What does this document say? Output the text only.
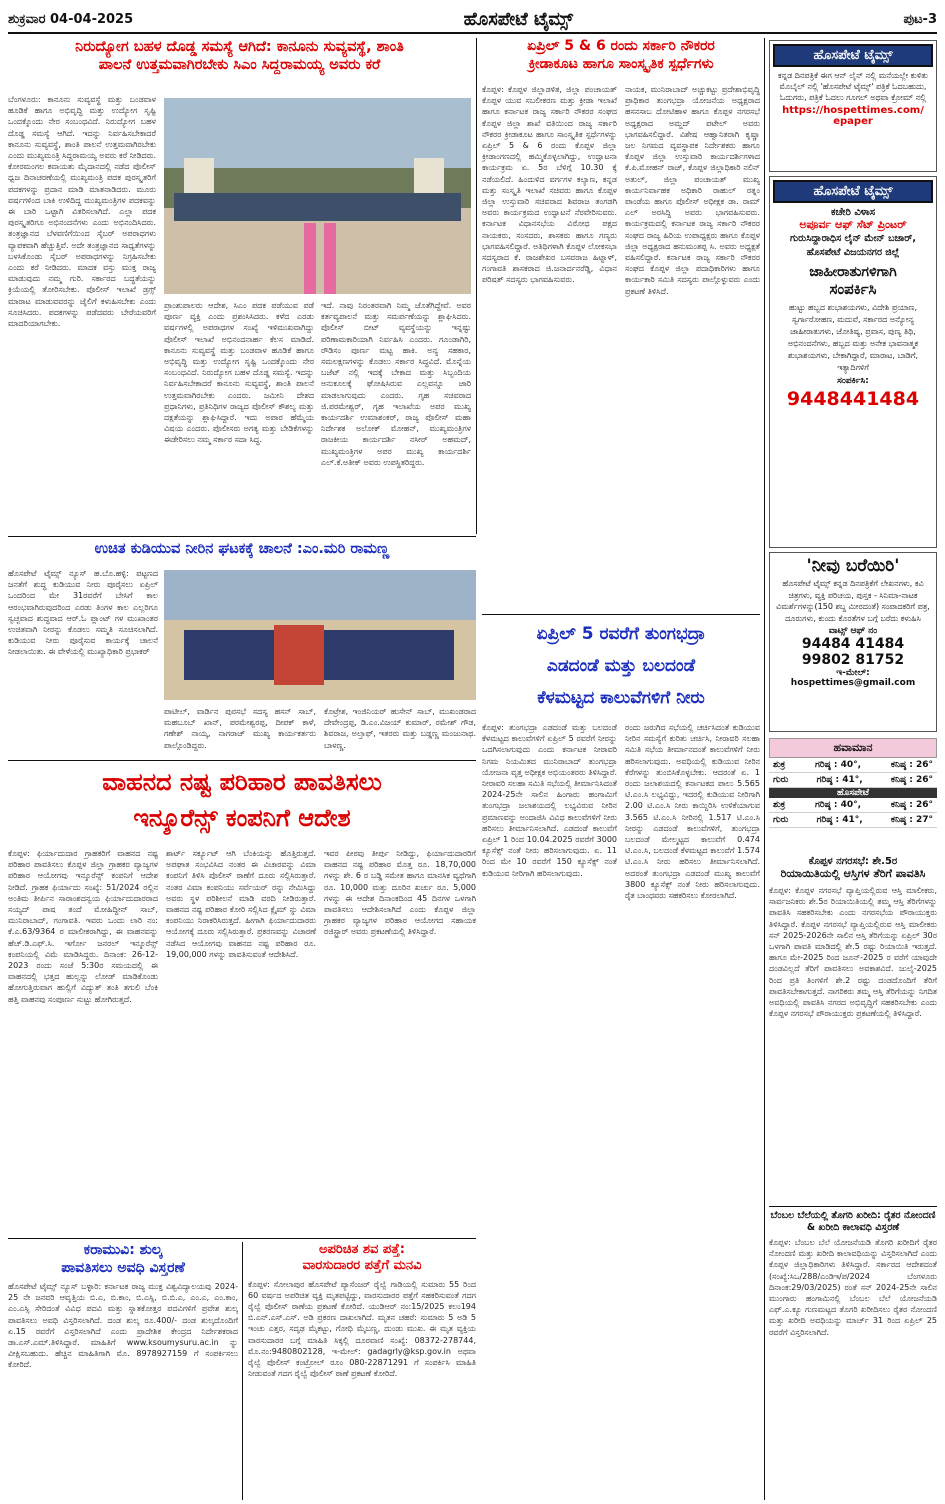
ಶುಕ್ರವಾರ 04-04-2025	ಹೊಸಪೇಟೆ ಟೈಮ್ಸ್	ಪುಟ-3
ನಿರುದ್ಯೋಗ ಬಹಳ ದೊಡ್ಡ ಸಮಸ್ಯೆ ಆಗಿದೆ: ಕಾನೂನು ಸುವ್ಯವಸ್ಥೆ, ಶಾಂತಿ
ಪಾಲನೆ ಉತ್ತಮವಾಗಿರಬೇಕು ಸಿಎಂ ಸಿದ್ದರಾಮಯ್ಯ ಅವರು ಕರೆ
ಬೆಂಗಳೂರು: ಕಾನೂನು ಸುವ್ಯವಸ್ಥೆ ಮತ್ತು ಬಂಡವಾಳ ಹೂಡಿಕೆ ಹಾಗೂ ಅಭಿವೃದ್ಧಿ ಮತ್ತು ಉದ್ಯೋಗ ಸೃಷ್ಟಿ ಒಂದಕ್ಕೊಂದು ನೇರ ಸಂಬಂಧವಿದೆ. ನಿರುದ್ಯೋಗ ಬಹಳ ದೊಡ್ಡ ಸಮಸ್ಯೆ ಆಗಿದೆ. ಇದನ್ನು ನಿರ್ವಹಿಸಬೇಕಾದರೆ ಕಾನೂನು ಸುವ್ಯವಸ್ಥೆ, ಶಾಂತಿ ಪಾಲನೆ ಉತ್ತಮವಾಗಿರಬೇಕು ಎಂದು ಮುಖ್ಯಮಂತ್ರಿ ಸಿದ್ದರಾಮಯ್ಯ ಅವರು ಕರೆ ನೀಡಿದರು. ಕೋರಮಂಗಲ ಕವಾಯತು ಮೈದಾನದಲ್ಲಿ ನಡೆದ ಪೊಲೀಸ್ ಧ್ವಜ ದಿನಾಚರಣೆಯಲ್ಲಿ ಮುಖ್ಯಮಂತ್ರಿ ಪದಕ ಪುರಸ್ಕೃತರಿಗೆ ಪದಕಗಳನ್ನು ಪ್ರದಾನ ಮಾಡಿ ಮಾತನಾಡಿದರು. ಮೂರು ವರ್ಷಗಳಿಂದ ಬಾಕಿ ಉಳಿದಿದ್ದ ಮುಖ್ಯಮಂತ್ರಿಗಳ ಪದಕವನ್ನು ಈ ಬಾರಿ ಒಟ್ಟಾಗಿ ವಿತರಿಸಲಾಗಿದೆ. ಎಲ್ಲಾ ಪದಕ ಪುರಸ್ಕೃತರಿಗೂ ಅಭಿನಂದನೆಗಳು ಎಂದು ಅಭಿನಂದಿಸಿದರು. ತಂತ್ರಜ್ಞಾನದ ಬೆಳವಣಿಗೆಯಿಂದ ಸೈಬರ್ ಅಪರಾಧಗಳು ವ್ಯಾಪಕವಾಗಿ ಹೆಚ್ಚುತ್ತಿವೆ. ಅದೇ ತಂತ್ರಜ್ಞಾನದ ಸಾಧ್ಯತೆಗಳನ್ನು ಬಳಸಿಕೊಂಡು ಸೈಬರ್ ಅಪರಾಧಗಳನ್ನು ನಿಗ್ರಹಿಸಬೇಕು ಎಂದು ಕರೆ ನೀಡಿದರು. ಮಾದಕ ವಸ್ತು ಮುಕ್ತ ರಾಜ್ಯ ಮಾಡುವುದು ನಮ್ಮ ಗುರಿ. ಸರ್ಕಾರದ ಬದ್ಧತೆಯನ್ನು ಕ್ರಿಯೆಯಲ್ಲಿ ತೋರಿಸಬೇಕು. ಪೊಲೀಸ್ ಇಲಾಖೆ ಡ್ರಗ್ಸ್ ಮಾರಾಟ ಮಾಡುವವರನ್ನು ಜೈಲಿಗೆ ಕಳುಹಿಸಬೇಕು ಎಂದು ಸೂಚಿಸಿದರು. ಪದಕಗಳನ್ನು ಪಡೆದವರು ಬೇರೆಯವರಿಗೆ ಮಾದರಿಯಾಗಬೇಕು.
ಪ್ರಾಂಶುಪಾಲರು ಆದೇಶ, ಸಿಎಂ ಪದಕ ಪಡೆಯುವ ಪಡೆ ಪೂರ್ಣ ವ್ಯಕ್ತಿ ಎಂದು ಪ್ರಶಂಸಿಸಿದರು. ಕಳೆದ ಎರಡು ವರ್ಷಗಳಲ್ಲಿ ಅಪರಾಧಗಳ ಸಂಖ್ಯೆ ಇಳಿಮುಖವಾಗಿದ್ದು ಪೊಲೀಸ್ ಇಲಾಖೆ ಅಭಿನಂದನಾರ್ಹ ಕೆಲಸ ಮಾಡಿದೆ. ಕಾನೂನು ಸುವ್ಯವಸ್ಥೆ ಮತ್ತು ಬಂಡವಾಳ ಹೂಡಿಕೆ ಹಾಗೂ ಅಭಿವೃದ್ಧಿ ಮತ್ತು ಉದ್ಯೋಗ ಸೃಷ್ಟಿ ಒಂದಕ್ಕೊಂದು ನೇರ ಸಂಬಂಧವಿದೆ. ನಿರುದ್ಯೋಗ ಬಹಳ ದೊಡ್ಡ ಸಮಸ್ಯೆ. ಇದನ್ನು ನಿರ್ವಹಿಸಬೇಕಾದರೆ ಕಾನೂನು ಸುವ್ಯವಸ್ಥೆ, ಶಾಂತಿ ಪಾಲನೆ ಉತ್ತಮವಾಗಿರಬೇಕು ಎಂದರು. ಜಮೀನಿ ದೇಶದ ಪ್ರಧಾನಿಗಳು, ಪ್ರತಿನಿಧಿಗಳ ರಾಜ್ಯದ ಪೊಲೀಸ್ ಕೌಶಲ್ಯ ಮತ್ತು ದಕ್ಷತೆಯನ್ನು ಶ್ಲಾಘಿಸಿದ್ದಾರೆ. ಇದು ಅಪಾರ ಹೆಮ್ಮೆಯ ವಿಷಯ ಎಂದರು. ಪೊಲೀಸರು ಅಗತ್ಯ ಮತ್ತು ಬೇಡಿಕೆಗಳನ್ನು ಈಡೇರಿಸಲು ನಮ್ಮ ಸರ್ಕಾರ ಸದಾ ಸಿದ್ಧ.
ಇದೆ. ನಾವು ನಿರಂತರವಾಗಿ ನಿಮ್ಮ ಜೊತೆಗಿದ್ದೇವೆ. ಅವರ ಕರ್ತವ್ಯಪಾಲನೆ ಮತ್ತು ಸಮರ್ಪಣೆಯನ್ನು ಶ್ಲಾಘಿಸಿದರು. ಪೊಲೀಸ್ ಬೀಟ್ ವ್ಯವಸ್ಥೆಯನ್ನು ಇನ್ನಷ್ಟು ಪರಿಣಾಮಕಾರಿಯಾಗಿ ನಿರ್ವಹಿಸಿ ಎಂದರು. ಗೂಂಡಾಗಿರಿ, ರೌಡಿಸಂ ಪೂರ್ಣ ಮಟ್ಟ ಹಾಕಿ. ಅನ್ಯ ಸಹಕಾರ, ಸಮಲಕ್ಷಣಗಳನ್ನು ಕೊಡಲು ಸರ್ಕಾರ ಸಿದ್ಧವಿದೆ. ಮೊನ್ನೆಯ ಬಜೆಟ್ ನಲ್ಲಿ ಇದಕ್ಕೆ ಬೇಕಾದ ಮತ್ತು ಸಿಬ್ಬಂದಿಯ ಅನುಕೂಲಕ್ಕೆ ಘೋಷಿಸಿರುವ ಎಲ್ಲವನ್ನೂ ಜಾರಿ ಮಾಡಲಾಗುವುದು ಎಂದರು. ಗೃಹ ಸಚಿವರಾದ ಜಿ.ಪರಮೇಶ್ವರ್, ಗೃಹ ಇಲಾಖೆಯ ಅಪರ ಮುಖ್ಯ ಕಾರ್ಯದರ್ಶಿ ಉಮಾಶಂಕರ್, ರಾಜ್ಯ ಪೊಲೀಸ್ ಮಹಾ ನಿರ್ದೇಶಕ ಅಲೋಕ್ ಮೋಹನ್, ಮುಖ್ಯಮಂತ್ರಿಗಳ ರಾಜಕೀಯ ಕಾರ್ಯದರ್ಶಿ ನಸೀರ್ ಅಹಮದ್, ಮುಖ್ಯಮಂತ್ರಿಗಳ ಅಪರ ಮುಖ್ಯ ಕಾರ್ಯದರ್ಶಿ ಎಲ್.ಕೆ.ಅತೀಕ್ ಅವರು ಉಪಸ್ಥಿತರಿದ್ದರು.
ಏಪ್ರಿಲ್ 5 & 6 ರಂದು ಸರ್ಕಾರಿ ನೌಕರರ
ಕ್ರೀಡಾಕೂಟ ಹಾಗೂ ಸಾಂಸ್ಕೃತಿಕ ಸ್ಪರ್ಧೆಗಳು
ಕೊಪ್ಪಳ: ಕೊಪ್ಪಳ ಜಿಲ್ಲಾಡಳಿತ, ಜಿಲ್ಲಾ ಪಂಚಾಯತ್ ಕೊಪ್ಪಳ ಯುವ ಸಬಲೀಕರಣ ಮತ್ತು ಕ್ರೀಡಾ ಇಲಾಖೆ ಹಾಗೂ ಕರ್ನಾಟಕ ರಾಜ್ಯ ಸರ್ಕಾರಿ ನೌಕರರ ಸಂಘದ ಕೊಪ್ಪಳ ಜಿಲ್ಲಾ ಶಾಖೆ ವತಿಯಿಂದ ರಾಜ್ಯ ಸರ್ಕಾರಿ ನೌಕರರ ಕ್ರೀಡಾಕೂಟ ಹಾಗೂ ಸಾಂಸ್ಕೃತಿಕ ಸ್ಪರ್ಧೆಗಳನ್ನು ಏಪ್ರಿಲ್ 5 & 6 ರಂದು ಕೊಪ್ಪಳ ಜಿಲ್ಲಾ ಕ್ರೀಡಾಂಗಣದಲ್ಲಿ ಹಮ್ಮಿಕೊಳ್ಳಲಾಗಿದ್ದು, ಉದ್ಘಾಟನಾ ಕಾರ್ಯಕ್ರಮ ಏ. 5ರ ಬೆಳಿಗ್ಗೆ 10.30 ಕ್ಕೆ ನಡೆಯಲಿದೆ. ಹಿಂದುಳಿದ ವರ್ಗಗಳ ಕಲ್ಯಾಣ, ಕನ್ನಡ ಮತ್ತು ಸಂಸ್ಕೃತಿ ಇಲಾಖೆ ಸಚಿವರು ಹಾಗೂ ಕೊಪ್ಪಳ ಜಿಲ್ಲಾ ಉಸ್ತುವಾರಿ ಸಚಿವರಾದ ಶಿವರಾಜ ತಂಗಡಗಿ ಅವರು ಕಾರ್ಯಕ್ರಮದ ಉದ್ಘಾಟನೆ ನೆರವೇರಿಸುವರು. ಕರ್ನಾಟಕ ವಿಧಾನಸಭೆಯ ವಿರೋಧ ಪಕ್ಷದ ನಾಯಕರು, ಸಂಸದರು, ಶಾಸಕರು ಹಾಗೂ ಗಣ್ಯರು ಭಾಗವಹಿಸಲಿದ್ದಾರೆ. ಅತಿಥಿಗಳಾಗಿ ಕೊಪ್ಪಳ ಲೋಕಸಭಾ ಸದಸ್ಯರಾದ ಕೆ. ರಾಜಶೇಖರ ಬಸವರಾಜ ಹಿಟ್ನಾಳ್, ಗಂಗಾವತಿ ಶಾಸಕರಾದ ಜಿ.ಜನಾರ್ದನರೆಡ್ಡಿ, ವಿಧಾನ ಪರಿಷತ್ ಸದಸ್ಯರು ಭಾಗವಹಿಸುವರು.
ನಾಯಕ, ಮುನಿರಾಬಾದ್ ಅಚ್ಚುಕಟ್ಟು ಪ್ರದೇಶಾಭಿವೃದ್ಧಿ ಪ್ರಾಧಿಕಾರ ತುಂಗಭದ್ರಾ ಯೋಜನೆಯ ಅಧ್ಯಕ್ಷರಾದ ಹಸನಸಾಬ ದೋಟಿಹಾಳ ಹಾಗೂ ಕೊಪ್ಪಳ ನಗರಸಭೆ ಅಧ್ಯಕ್ಷರಾದ ಅಮ್ಜದ್ ಪಟೇಲ್ ಅವರು ಭಾಗವಹಿಸಲಿದ್ದಾರೆ. ವಿಶೇಷ ಆಹ್ವಾನಿತರಾಗಿ ಕೃಷ್ಣಾ ಜಲ ನಿಗಮದ ವ್ಯವಸ್ಥಾಪಕ ನಿರ್ದೇಶಕರು ಹಾಗೂ ಕೊಪ್ಪಳ ಜಿಲ್ಲಾ ಉಸ್ತುವಾರಿ ಕಾರ್ಯದರ್ಶಿಗಳಾದ ಕೆ.ಪಿ.ಮೋಹನ್ ರಾಜ್, ಕೊಪ್ಪಳ ಜಿಲ್ಲಾಧಿಕಾರಿ ನಲಿನ್ ಅತುಲ್, ಜಿಲ್ಲಾ ಪಂಚಾಯತ್ ಮುಖ್ಯ ಕಾರ್ಯನಿರ್ವಾಹಕ ಅಧಿಕಾರಿ ರಾಹುಲ್ ರತ್ನಂ ಪಾಂಡೆಯ ಹಾಗೂ ಪೊಲೀಸ್ ಅಧೀಕ್ಷಕ ಡಾ. ರಾಮ್ ಎಲ್ ಅರಸಿದ್ದಿ ಅವರು ಭಾಗವಹಿಸುವರು. ಕಾರ್ಯಕ್ರಮದಲ್ಲಿ ಕರ್ನಾಟಕ ರಾಜ್ಯ ಸರ್ಕಾರಿ ನೌಕರರ ಸಂಘದ ರಾಜ್ಯ ಹಿರಿಯ ಉಪಾಧ್ಯಕ್ಷರು ಹಾಗೂ ಕೊಪ್ಪಳ ಜಿಲ್ಲಾ ಅಧ್ಯಕ್ಷರಾದ ಹನುಮಂತಪ್ಪ ಸಿ. ಅವರು ಅಧ್ಯಕ್ಷತೆ ವಹಿಸಲಿದ್ದಾರೆ. ಕರ್ನಾಟಕ ರಾಜ್ಯ ಸರ್ಕಾರಿ ನೌಕರರ ಸಂಘದ ಕೊಪ್ಪಳ ಜಿಲ್ಲಾ ಪದಾಧಿಕಾರಿಗಳು ಹಾಗೂ ಕಾರ್ಯಕಾರಿ ಸಮಿತಿ ಸದಸ್ಯರು ಪಾಲ್ಗೊಳ್ಳುವರು ಎಂದು ಪ್ರಕಟಣೆ ತಿಳಿಸಿದೆ.
ಹೊಸಪೇಟೆ ಟೈಮ್ಸ್
ಕನ್ನಡ ದಿನಪತ್ರಿಕೆ ಈಗ ಆನ್ ಲೈನ್ ನಲ್ಲಿ ಮನೆಯಲ್ಲೇ ಕುಳಿತು ಮೊಬೈಲ್ ನಲ್ಲಿ 'ಹೊಸಪೇಟೆ ಟೈಮ್ಸ್' ಪತ್ರಿಕೆ ಓದಬಹುದು, ಓದುಗರು, ಪತ್ರಿಕೆ ಓದಲು ಗೂಗಲ್ ಅಥವಾ ಕ್ರೋಮ್ ನಲ್ಲಿ
https://hospettimes.com/
epaper
ಹೊಸಪೇಟೆ ಟೈಮ್ಸ್
ಕಚೇರಿ ವಿಳಾಸ
ಅಪೂರ್ವ ಆಫ್ ಸೆಟ್ ಪ್ರಿಂಟರ್
ಗುರುಸಿದ್ದಾರಾಧಿಸ ಲೈನ್ ಮೇನ್ ಬಜಾರ್, ಹೊಸಪೇಟೆ ವಿಜಯನಗರ ಜಿಲ್ಲೆ
ಜಾಹೀರಾತುಗಳಿಗಾಗಿ
ಸಂಪರ್ಕಿಸಿ
ಹುಟ್ಟು ಹಬ್ಬದ ಶುಭಾಶಯಗಳು, ವಿದೇಶಿ ಪ್ರಯಾಣ, ಸ್ವರ್ಗಾರೋಹಣ, ಮದುವೆ, ಸರ್ಕಾರದ ಅನ್ಯೋನ್ಯ ಜಾಹೀರಾತುಗಳು, ಜೋತಿಷ್ಯ, ಪ್ರವಾಸ, ಪುಣ್ಯ ತಿಥಿ, ಅಭಿನಂದನೆಗಳು, ಹಬ್ಬದ ಮತ್ತು ಅನೇಕ ಭಾವನಾತ್ಮಕ ಶುಭಾಶಯಗಳು, ಬೇಕಾಗಿದ್ದಾರೆ, ಮಾರಾಟ, ಬಾಡಿಗೆ, ಇತ್ಯಾದಿಗಳಿಗೆ
ಸಂಪರ್ಕಿಸಿ:
9448441484
'ನೀವು ಬರೆಯಿರಿ'
ಹೊಸಪೇಟೆ ಟೈಮ್ಸ್ ಕನ್ನಡ ದಿನಪತ್ರಿಕೆಗೆ ಲೇಖನಗಳು, ಕವಿ ಚಿತ್ರಗಳು, ವ್ಯಕ್ತಿ ಪರಿಚಯ, ಪುಸ್ತಕ - ಸಿನಿಮಾ-ನಾಟಕ ವಿಮರ್ಶೆಗಳನ್ನು(150 ಶಬ್ದ ಮೀರದಂತೆ) ಸಂಪಾದಕರಿಗೆ ಪತ್ರ, ದೂರುಗಳು, ಕುಂದು ಕೊರತೆಗಳ ಬಗ್ಗೆ ಬರೆದು ಕಳುಹಿಸಿ
ವಾಟ್ಸ್ ಆಫ್ ನಂ
94484 41484
99802 81752
ಇ-ಮೇಲ್: hospettimes@gmail.com
ಹವಾಮಾನ
ಶುಕ್ರ	ಗರಿಷ್ಠ : 40°,	ಕನಿಷ್ಠ : 26°
ಗುರು	ಗರಿಷ್ಠ : 41°,	ಕನಿಷ್ಠ : 26°
ಹೊಸಪೇಟೆ
ಶುಕ್ರ	ಗರಿಷ್ಠ : 40°,	ಕನಿಷ್ಠ : 26°
ಗುರು	ಗರಿಷ್ಠ : 41°,	ಕನಿಷ್ಠ : 27°
ಕೊಪ್ಪಳ ನಗರಸಭೆ: ಶೇ.5ರ
ರಿಯಾಯಿತಿಯಲ್ಲಿ ಆಸ್ತಿಗಳ ತೆರಿಗೆ ಪಾವತಿಸಿ
ಕೊಪ್ಪಳ: ಕೊಪ್ಪಳ ನಗರಸಭೆ ವ್ಯಾಪ್ತಿಯಲ್ಲಿರುವ ಆಸ್ತಿ ಮಾಲೀಕರು, ಸಾರ್ವಜನಿಕರು ಶೇ.5ರ ರಿಯಾಯಿತಿಯಲ್ಲಿ ತಮ್ಮ ಆಸ್ತಿ ತೆರಿಗೆಗಳನ್ನು ಪಾವತಿಸಿ ಸಹಕರಿಸಬೇಕು ಎಂದು ನಗರಸಭೆಯ ಪೌರಾಯುಕ್ತರು ತಿಳಿಸಿದ್ದಾರೆ. ಕೊಪ್ಪಳ ನಗರಸಭೆ ವ್ಯಾಪ್ತಿಯಲ್ಲಿರುವ ಆಸ್ತಿ ಮಾಲೀಕರು ಸನ್ 2025-2026ನೇ ಸಾಲಿನ ಆಸ್ತಿ ತೆರಿಗೆಯನ್ನು ಏಪ್ರಿಲ್ 30ರ ಒಳಗಾಗಿ ಪಾವತಿ ಮಾಡಿದಲ್ಲಿ ಶೇ.5 ರಷ್ಟು ರಿಯಾಯಿತಿ ಇರುತ್ತದೆ. ಹಾಗೂ ಮೇ-2025 ರಿಂದ ಜೂನ್-2025 ರ ವರೆಗೆ ಯಾವುದೇ ದಂಡವಿಲ್ಲದೆ ತೆರಿಗೆ ಪಾವತಿಸಲು ಅವಕಾಶವಿದೆ. ಜುಲೈ-2025 ರಿಂದ ಪ್ರತಿ ತಿಂಗಳಿಗೆ ಶೇ.2 ರಷ್ಟು ದಂಡದೊಂದಿಗೆ ತೆರಿಗೆ ಪಾವತಿಸಬೇಕಾಗುತ್ತದೆ. ನಾಗರಿಕರು ತಮ್ಮ ಆಸ್ತಿ ತೆರಿಗೆಯನ್ನು ನಿಗದಿತ ಅವಧಿಯಲ್ಲಿ ಪಾವತಿಸಿ ನಗರದ ಅಭಿವೃದ್ಧಿಗೆ ಸಹಕರಿಸಬೇಕು ಎಂದು ಕೊಪ್ಪಳ ನಗರಸಭೆ ಪೌರಾಯುಕ್ತರು ಪ್ರಕಟಣೆಯಲ್ಲಿ ತಿಳಿಸಿದ್ದಾರೆ.
ಬೆಂಬಲ ಬೆಲೆಯಲ್ಲಿ ತೊಗರಿ ಖರೀದಿ: ರೈತರ ನೋಂದಣಿ & ಖರೀದಿ ಕಾಲಾವಧಿ ವಿಸ್ತರಣೆ
ಕೊಪ್ಪಳ: ಬೆಂಬಲ ಬೆಲೆ ಯೋಜನೆಯಡಿ ತೊಗರಿ ಖರೀದಿಗೆ ರೈತರ ನೋಂದಣಿ ಮತ್ತು ಖರೀದಿ ಕಾಲಾವಧಿಯನ್ನು ವಿಸ್ತರಿಸಲಾಗಿದೆ ಎಂದು ಕೊಪ್ಪಳ ಜಿಲ್ಲಾಧಿಕಾರಿಗಳು ತಿಳಿಸಿದ್ದಾರೆ. ಸರ್ಕಾರದ ಆದೇಶದಂತೆ (ಸಂಖ್ಯೆ:ಸಿಒ/288/ಎಂಡಿಇ/ಪ/2024 ಬೆಂಗಳೂರು ದಿನಾಂಕ:29/03/2025) ರಂತೆ ಸನ್ 2024-25ನೇ ಸಾಲಿನ ಮುಂಗಾರು ಹಂಗಾಮಿನಲ್ಲಿ ಬೆಂಬಲ ಬೆಲೆ ಯೋಜನೆಯಡಿ ಎಫ್.ಎ.ಕ್ಯೂ ಗುಣಮಟ್ಟದ ತೊಗರಿ ಖರೀದಿಸಲು ರೈತರ ನೋಂದಣಿ ಮತ್ತು ಖರೀದಿ ಅವಧಿಯನ್ನು ಮಾರ್ಚ್ 31 ರಿಂದ ಏಪ್ರಿಲ್ 25 ರವರೆಗೆ ವಿಸ್ತರಿಸಲಾಗಿದೆ.
ಉಚಿತ ಕುಡಿಯುವ ನೀರಿನ ಘಟಕಕ್ಕೆ ಚಾಲನೆ :ಎಂ.ಮರಿ ರಾಮಣ್ಣ
ಹೊಸಪೇಟೆ ಟೈಮ್ಸ್ ನ್ಯೂಸ್ ಹ.ಬೊ.ಹಳ್ಳಿ: ಪಟ್ಟಣದ ಜನತೆಗೆ ಶುದ್ಧ ಕುಡಿಯುವ ನೀರು ಪೂರೈಸಲು ಏಪ್ರಿಲ್ ಒಂದರಿಂದ ಮೇ 31ರವರೆಗೆ ಬೇಸಿಗೆ ಕಾಲ ಆರಂಭವಾಗಿರುವುದರಿಂದ ಎರಡು ತಿಂಗಳ ಕಾಲ ಎಲ್ಲರಿಗೂ ಸ್ವಚ್ಛವಾದ ಶುದ್ಧವಾದ ಆರ್.ಓ ಪ್ಲಾಂಟ್ ಗಳ ಮುಖಾಂತರ ಉಚಿತವಾಗಿ ನೀರನ್ನು ಕೊಡಲು ಸಮ್ಮತಿ ಸೂಚಿಸಲಾಗಿದೆ. ಕುಡಿಯುವ ನೀರು ಪೂರೈಸುವ ಕಾರ್ಯಕ್ಕೆ ಚಾಲನೆ ನೀಡಲಾಯಿತು. ಈ ವೇಳೆಯಲ್ಲಿ ಮುಖ್ಯಾಧಿಕಾರಿ ಪ್ರಭಾಕರ್
ಪಾಟೀಲ್, ವಾರ್ಡಿನ ಪುರಸಭೆ ಸದಸ್ಯ ಹಸನ್ ಸಾಬ್, ಮಹಬೂಬ್ ಖಾನ್, ಪರಮೇಶ್ವರಪ್ಪ, ದೀಪಕ್ ಕಾಳೆ, ಗಣೇಶ್ ನಾಯ್ಕ, ನಾಗರಾಜ್ ಮುಖ್ಯ ಕಾರ್ಯಕರ್ತರು ಪಾಲ್ಗೊಂಡಿದ್ದರು.
ಕೊಟ್ರೇಶ, ಇಂಜಿನಿಯರ್ ಹುಸೇನ್ ಸಾಬ್, ಮುಖಂಡರಾದ ದೇವೇಂದ್ರಪ್ಪ, ಡಿ.ಎಂ.ವಿಜಯ್ ಕುಮಾರ್, ರಮೇಶ್ ಗೌಡ, ಶಿವರಾಜ, ಅಲ್ತಾಫ್, ಇತರರು ಮತ್ತು ಬಡ್ಡಣ್ಣ ಮಂಜುನಾಥ. ಬಾಳಣ್ಣ.
ಏಪ್ರಿಲ್ 5 ರವರೆಗೆ ತುಂಗಭದ್ರಾ
ಎಡದಂಡೆ ಮತ್ತು ಬಲದಂಡೆ
ಕೆಳಮಟ್ಟದ ಕಾಲುವೆಗಳಿಗೆ ನೀರು
ಕೊಪ್ಪಳ: ತುಂಗಭದ್ರಾ ಎಡದಂಡೆ ಮತ್ತು ಬಲದಂಡೆ ಕೆಳಮಟ್ಟದ ಕಾಲುವೆಗಳಿಗೆ ಏಪ್ರಿಲ್ 5 ರವರೆಗೆ ನೀರನ್ನು ಒದಗಿಸಲಾಗುವುದು ಎಂದು ಕರ್ನಾಟಕ ನೀರಾವರಿ ನಿಗಮ ನಿಯಮಿತದ ಮುನಿರಾಬಾದ್ ತುಂಗಭದ್ರಾ ಯೋಜನಾ ವೃತ್ತ ಅಧೀಕ್ಷಕ ಅಭಿಯಂತರರು ತಿಳಿಸಿದ್ದಾರೆ. ನೀರಾವರಿ ಸಲಹಾ ಸಮಿತಿ ಸಭೆಯಲ್ಲಿ ತೀರ್ಮಾನಿಸಿದಂತೆ 2024-25ನೇ ಸಾಲಿನ ಹಿಂಗಾರು ಹಂಗಾಮಿಗೆ ತುಂಗಭದ್ರಾ ಜಲಾಶಯದಲ್ಲಿ ಲಭ್ಯವಿರುವ ನೀರಿನ ಪ್ರಮಾಣವನ್ನು ಅಂದಾಜಿಸಿ ವಿವಿಧ ಕಾಲುವೆಗಳಿಗೆ ನೀರು ಹರಿಸಲು ತೀರ್ಮಾನಿಸಲಾಗಿದೆ. ಎಡದಂಡೆ ಕಾಲುವೆಗೆ ಏಪ್ರಿಲ್ 1 ರಿಂದ 10.04.2025 ರವರೆಗೆ 3000 ಕ್ಯೂಸೆಕ್ಸ್ ನಂತೆ ನೀರು ಹರಿಸಲಾಗುವುದು. ಏ. 11 ರಿಂದ ಮೇ 10 ರವರೆಗೆ 150 ಕ್ಯೂಸೆಕ್ಸ್ ನಂತೆ ಕುಡಿಯುವ ನೀರಿಗಾಗಿ ಹರಿಸಲಾಗುವುದು.
ರಂದು ಜರುಗಿದ ಸಭೆಯಲ್ಲಿ ಚರ್ಚಿಸಿದಂತೆ ಕುಡಿಯುವ ನೀರಿನ ಸಮಸ್ಯೆಗೆ ಕುರಿತು ಚರ್ಚಿಸಿ, ನೀರಾವರಿ ಸಲಹಾ ಸಮಿತಿ ಸಭೆಯ ತೀರ್ಮಾನದಂತೆ ಕಾಲುವೆಗಳಿಗೆ ನೀರು ಹರಿಸಲಾಗುವುದು. ಅವಧಿಯಲ್ಲಿ ಕುಡಿಯುವ ನೀರಿನ ಕೆರೆಗಳನ್ನು ತುಂಬಿಸಿಕೊಳ್ಳಬೇಕು. ಆದರಂತೆ ಏ. 1 ರಂದು ಜಲಾಶಯದಲ್ಲಿ ಕರ್ನಾಟಕದ ಪಾಲು 5.565 ಟಿ.ಎಂ.ಸಿ ಲಭ್ಯವಿದ್ದು, ಇದರಲ್ಲಿ ಕುಡಿಯುವ ನೀರಿಗಾಗಿ 2.00 ಟಿ.ಎಂ.ಸಿ ನೀರು ಕಾಯ್ದಿರಿಸಿ ಉಳಿಕೆಯಾಗುವ 3.565 ಟಿ.ಎಂ.ಸಿ ನೀರಿನಲ್ಲಿ 1.517 ಟಿ.ಎಂ.ಸಿ ನೀರನ್ನು ಎಡದಂಡೆ ಕಾಲುವೆಗಳಿಗೆ, ತುಂಗಭದ್ರಾ ಬಲದಂಡೆ ಮೇಲ್ಮಟ್ಟದ ಕಾಲುವೆಗೆ 0.474 ಟಿ.ಎಂ.ಸಿ, ಬಲದಂಡೆ ಕೆಳಮಟ್ಟದ ಕಾಲುವೆಗೆ 1.574 ಟಿ.ಎಂ.ಸಿ ನೀರು ಹರಿಸಲು ತೀರ್ಮಾನಿಸಲಾಗಿದೆ. ಅದರಂತೆ ತುಂಗಭದ್ರಾ ಎಡದಂಡೆ ಮುಖ್ಯ ಕಾಲುವೆಗೆ 3800 ಕ್ಯೂಸೆಕ್ಸ್ ನಂತೆ ನೀರು ಹರಿಸಲಾಗುವುದು. ರೈತ ಬಾಂಧವರು ಸಹಕರಿಸಲು ಕೋರಲಾಗಿದೆ.
ವಾಹನದ ನಷ್ಟ ಪರಿಹಾರ ಪಾವತಿಸಲು
ಇನ್ಶೂರೆನ್ಸ್ ಕಂಪನಿಗೆ ಆದೇಶ
ಕೊಪ್ಪಳ: ಫಿರ್ಯಾದುದಾರ ಗ್ರಾಹಕರಿಗೆ ವಾಹನದ ನಷ್ಟ ಪರಿಹಾರ ಪಾವತಿಸಲು ಕೊಪ್ಪಳ ಜಿಲ್ಲಾ ಗ್ರಾಹಕರ ವ್ಯಾಜ್ಯಗಳ ಪರಿಹಾರ ಆಯೋಗವು ಇನ್ಶೂರೆನ್ಸ್ ಕಂಪನಿಗೆ ಆದೇಶ ನೀಡಿದೆ. ಗ್ರಾಹಕ ಫಿರ್ಯಾದು ಸಂಖ್ಯೆ: 51/2024 ರಲ್ಲಿನ ಅಂತಿಮ ತೀರ್ಪಿನ ಸಾರಾಂಶದನ್ವಯ ಫಿರ್ಯಾದುದಾರರಾದ ಸಯ್ಯದ್ ಪಾಷ ತಂದೆ ಮೋಹಿದ್ದೀನ್ ಸಾಬ್, ಮುನಿರಾಬಾದ್, ಗಂಗಾವತಿ. ಇವರು ಒಂದು ಲಾರಿ ನಂ: ಕೆ.ಎ.63/9364 ರ ಮಾಲೀಕರಾಗಿದ್ದು, ಈ ವಾಹನವನ್ನು ಹೆಚ್.ಡಿ.ಎಫ್.ಸಿ. ಇರ್ಗೋ ಜನರಲ್ ಇನ್ಶೂರೆನ್ಸ್ ಕಂಪನಿಯಲ್ಲಿ ವಿಮೆ ಮಾಡಿಸಿದ್ದರು. ದಿನಾಂಕ: 26-12-2023 ರಂದು ಸಂಜೆ 5:30ರ ಸಮಯದಲ್ಲಿ ಈ ವಾಹನದಲ್ಲಿ ಭತ್ತದ ಹುಲ್ಲನ್ನು ಲೋಡ್ ಮಾಡಿಕೊಂಡು ಹೋಗುತ್ತಿರುವಾಗ ಹುಲ್ಲಿಗೆ ವಿದ್ಯುತ್ ತಂತಿ ತಗುಲಿ ಬೆಂಕಿ ಹತ್ತಿ ವಾಹನವು ಸಂಪೂರ್ಣ ಸುಟ್ಟು ಹೋಗಿರುತ್ತದೆ.
ಶಾರ್ಟ್ ಸರ್ಕ್ಯೂಟ್ ಆಗಿ ಬೆಂಕಿಯನ್ನು ಹೊತ್ತಿರುತ್ತದೆ. ಅಪಘಾತ ಸಂಭವಿಸಿದ ನಂತರ ಈ ವಿಚಾರವನ್ನು ವಿಮಾ ಕಂಪನಿಗೆ ತಿಳಿಸಿ ಪೊಲೀಸ್ ಠಾಣೆಗೆ ದೂರು ಸಲ್ಲಿಸಿರುತ್ತಾರೆ. ನಂತರ ವಿಮಾ ಕಂಪನಿಯು ಸರ್ವೆಯರ್ ರನ್ನು ನೇಮಿಸಿದ್ದು ಅವರು ಸ್ಥಳ ಪರಿಶೀಲನೆ ಮಾಡಿ ವರದಿ ನೀಡಿರುತ್ತಾರೆ. ವಾಹನದ ನಷ್ಟ ಪರಿಹಾರ ಕೋರಿ ಸಲ್ಲಿಸಿದ ಕ್ಲೈಮ್ ನ್ನು ವಿಮಾ ಕಂಪನಿಯು ನಿರಾಕರಿಸಿರುತ್ತದೆ. ಹೀಗಾಗಿ ಫಿರ್ಯಾದುದಾರರು ಆಯೋಗಕ್ಕೆ ದೂರು ಸಲ್ಲಿಸಿರುತ್ತಾರೆ. ಪ್ರಕರಣವನ್ನು ವಿಚಾರಣೆ ನಡೆಸಿದ ಆಯೋಗವು ವಾಹನದ ನಷ್ಟ ಪರಿಹಾರ ರೂ. 19,00,000 ಗಳನ್ನು ಪಾವತಿಸುವಂತೆ ಆದೇಶಿಸಿದೆ.
ಇವರ ಪೀಠವು ತೀರ್ಪು ನೀಡಿದ್ದು, ಫಿರ್ಯಾದುದಾರರಿಗೆ ವಾಹನದ ನಷ್ಟ ಪರಿಹಾರ ಮೊತ್ತ ರೂ. 18,70,000 ಗಳನ್ನು ಶೇ. 6 ರ ಬಡ್ಡಿ ಸಮೇತ ಹಾಗೂ ಮಾನಸಿಕ ವ್ಯಥೆಗಾಗಿ ರೂ. 10,000 ಮತ್ತು ದೂರಿನ ಖರ್ಚು ರೂ. 5,000 ಗಳನ್ನು ಈ ಆದೇಶ ದಿನಾಂಕದಿಂದ 45 ದಿನಗಳ ಒಳಗಾಗಿ ಪಾವತಿಸಲು ಆದೇಶಿಸಲಾಗಿದೆ ಎಂದು ಕೊಪ್ಪಳ ಜಿಲ್ಲಾ ಗ್ರಾಹಕರ ವ್ಯಾಜ್ಯಗಳ ಪರಿಹಾರ ಆಯೋಗದ ಸಹಾಯಕ ರಜಿಸ್ಟ್ರಾರ್ ಅವರು ಪ್ರಕಟಣೆಯಲ್ಲಿ ತಿಳಿಸಿದ್ದಾರೆ.
ಕರಾಮುವಿ: ಶುಲ್ಕ
ಪಾವತಿಸಲು ಅವಧಿ ವಿಸ್ತರಣೆ
ಹೊಸಪೇಟೆ ಟೈಮ್ಸ್ ನ್ಯೂಸ್ ಬಳ್ಳಾರಿ: ಕರ್ನಾಟಕ ರಾಜ್ಯ ಮುಕ್ತ ವಿಶ್ವವಿದ್ಯಾಲಯವು 2024-25 ನೇ ಜನವರಿ ಆವೃತ್ತಿಯ ಬಿ.ಎ, ಬಿ.ಕಾಂ, ಬಿ.ಎಸ್ಸಿ, ಬಿ.ಬಿ.ಎ, ಎಂ.ಎ, ಎಂ.ಕಾಂ, ಎಂ.ಎಸ್ಸಿ ಸೇರಿದಂತೆ ವಿವಿಧ ಪದವಿ ಮತ್ತು ಸ್ನಾತಕೋತ್ತರ ಪದವಿಗಳಿಗೆ ಪ್ರವೇಶ ಶುಲ್ಕ ಪಾವತಿಸಲು ಅವಧಿ ವಿಸ್ತರಿಸಲಾಗಿದೆ. ದಂಡ ಶುಲ್ಕ ರೂ.400/- ದಂಡ ಶುಲ್ಕದೊಂದಿಗೆ ಏ.15 ರವರೆಗೆ ವಿಸ್ತರಿಸಲಾಗಿದೆ ಎಂದು ಪ್ರಾದೇಶಿಕ ಕೇಂದ್ರದ ನಿರ್ದೇಶಕರಾದ ಡಾ.ಎಸ್.ಎಮ್.ತಿಳಿಸಿದ್ದಾರೆ. ಮಾಹಿತಿಗೆ www.ksoumysuru.ac.in ನ್ನು ವೀಕ್ಷಿಸಬಹುದು. ಹೆಚ್ಚಿನ ಮಾಹಿತಿಗಾಗಿ ಮೊ. 8978927159 ಗೆ ಸಂಪರ್ಕಿಸಲು ಕೋರಿದೆ.
ಅಪರಿಚಿತ ಶವ ಪತ್ತೆ:
ವಾರಸುದಾರರ ಪತ್ತೆಗೆ ಮನವಿ
ಕೊಪ್ಪಳ: ಸೋಲಾಪುರ ಹೊಸಪೇಟೆ ಪ್ಯಾಸೆಂಜರ್ ರೈಲ್ವೆ ಗಾಡಿಯಲ್ಲಿ ಸುಮಾರು 55 ರಿಂದ 60 ವರ್ಷದ ಅಪರಿಚಿತ ವ್ಯಕ್ತಿ ಮೃತಪಟ್ಟಿದ್ದು, ವಾರಸುದಾರರ ಪತ್ತೆಗೆ ಸಹಕರಿಸುವಂತೆ ಗದಗ ರೈಲ್ವೆ ಪೊಲೀಸ್ ಠಾಣೆಯ ಪ್ರಕಟಣೆ ಕೋರಿದೆ. ಯುಡಿಆರ್ ನಂ:15/2025 ಕಲಂ194 ಬಿ.ಎನ್.ಎಸ್.ಎಸ್. ಅಡಿ ಪ್ರಕರಣ ದಾಖಲಾಗಿದೆ. ಮೃತನ ಚಹರೆ: ಸುಮಾರು 5 ಅಡಿ 5 ಇಂಚು ಎತ್ತರ, ಸದೃಢ ಮೈಕಟ್ಟು, ಗೋಧಿ ಮೈಬಣ್ಣ, ದುಂಡು ಮುಖ. ಈ ಮೃತ ವ್ಯಕ್ತಿಯ ವಾರಸುದಾರರ ಬಗ್ಗೆ ಮಾಹಿತಿ ಸಿಕ್ಕಲ್ಲಿ ದೂರವಾಣಿ ಸಂಖ್ಯೆ: 08372-278744, ಮೊ.ನಂ:9480802128, ಇ-ಮೇಲ್: gadagrly@ksp.gov.in ಅಥವಾ ರೈಲ್ವೆ ಪೊಲೀಸ್ ಕಂಟ್ರೋಲ್ ರೂಂ 080-22871291 ಗೆ ಸಂಪರ್ಕಿಸಿ ಮಾಹಿತಿ ನೀಡುವಂತೆ ಗದಗ ರೈಲ್ವೆ ಪೊಲೀಸ್ ಠಾಣೆ ಪ್ರಕಟಣೆ ಕೋರಿದೆ.
